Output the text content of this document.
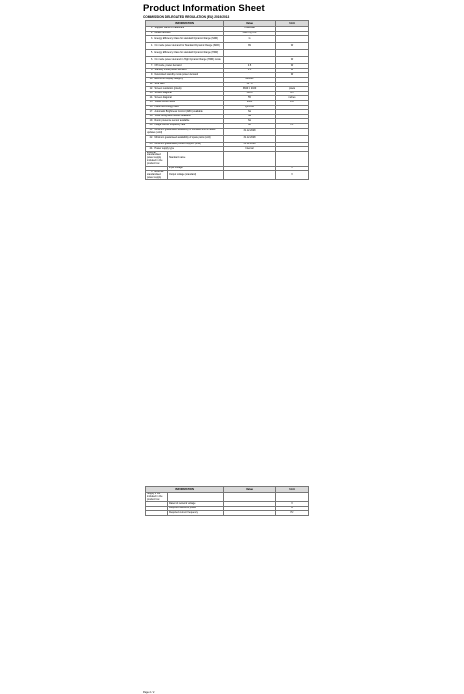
Product Information Sheet
COMMISSION DELEGATED REGULATION (EU) 2019/2013
INFORMATION		Value	Unit
1. Supplier name or trademark		HISENSE	
2. Model identifier		55E7HQTUK	
3. Energy Efficiency Class for standard Dynamic Range (SDR)		G	
4. On mode power demand for Standard Dynamic Range (SDR)		89	W
5. Energy Efficiency Class for standard Dynamic Range (HDR)			
6. On mode power demand in High Dynamic Range (HDR) mode			W
7. Off mode, power demand		0.5	W
8. Standby mode power demand		0.5	W
9. Networked standby mode power demand			W
10. Electronic display category		Monitor	
11. Size ratio		16 : 9	
12. Screen resolution (pixels)		3840 × 2160	pixels
13. Screen diagonal		138.8	cm
14. Screen diagonal		55	inches
15. Visible screen area		8363	cm²
16. Panel technology used		QD LCD	
17. Automatic Brightness Control (ABC) available		No	
18. Voice recognition sensor available		No	
19. Room presence sensor available		No	
20. Image refresh frequency rate		60	Hz
21. Minimum guaranteed availability of software and firmware updates (until)		31.12.2028	
22. Minimum guaranteed availability of spare parts (until)		31.12.2028	
23. Minimum guaranteed product support (until)		31.12.2028	
24. Power supply type		Internal	
External standardised power supply included in the product box	Standard name		
	Input voltage		V
ii. External standardised power supply	Output voltage (standard)		V
INFORMATION		Value	Unit
Supply if not included in the product box			
	Rated of network voltage		V
	Required delivered power		A
	Required current frequency		Hz
Page 2 / 2
